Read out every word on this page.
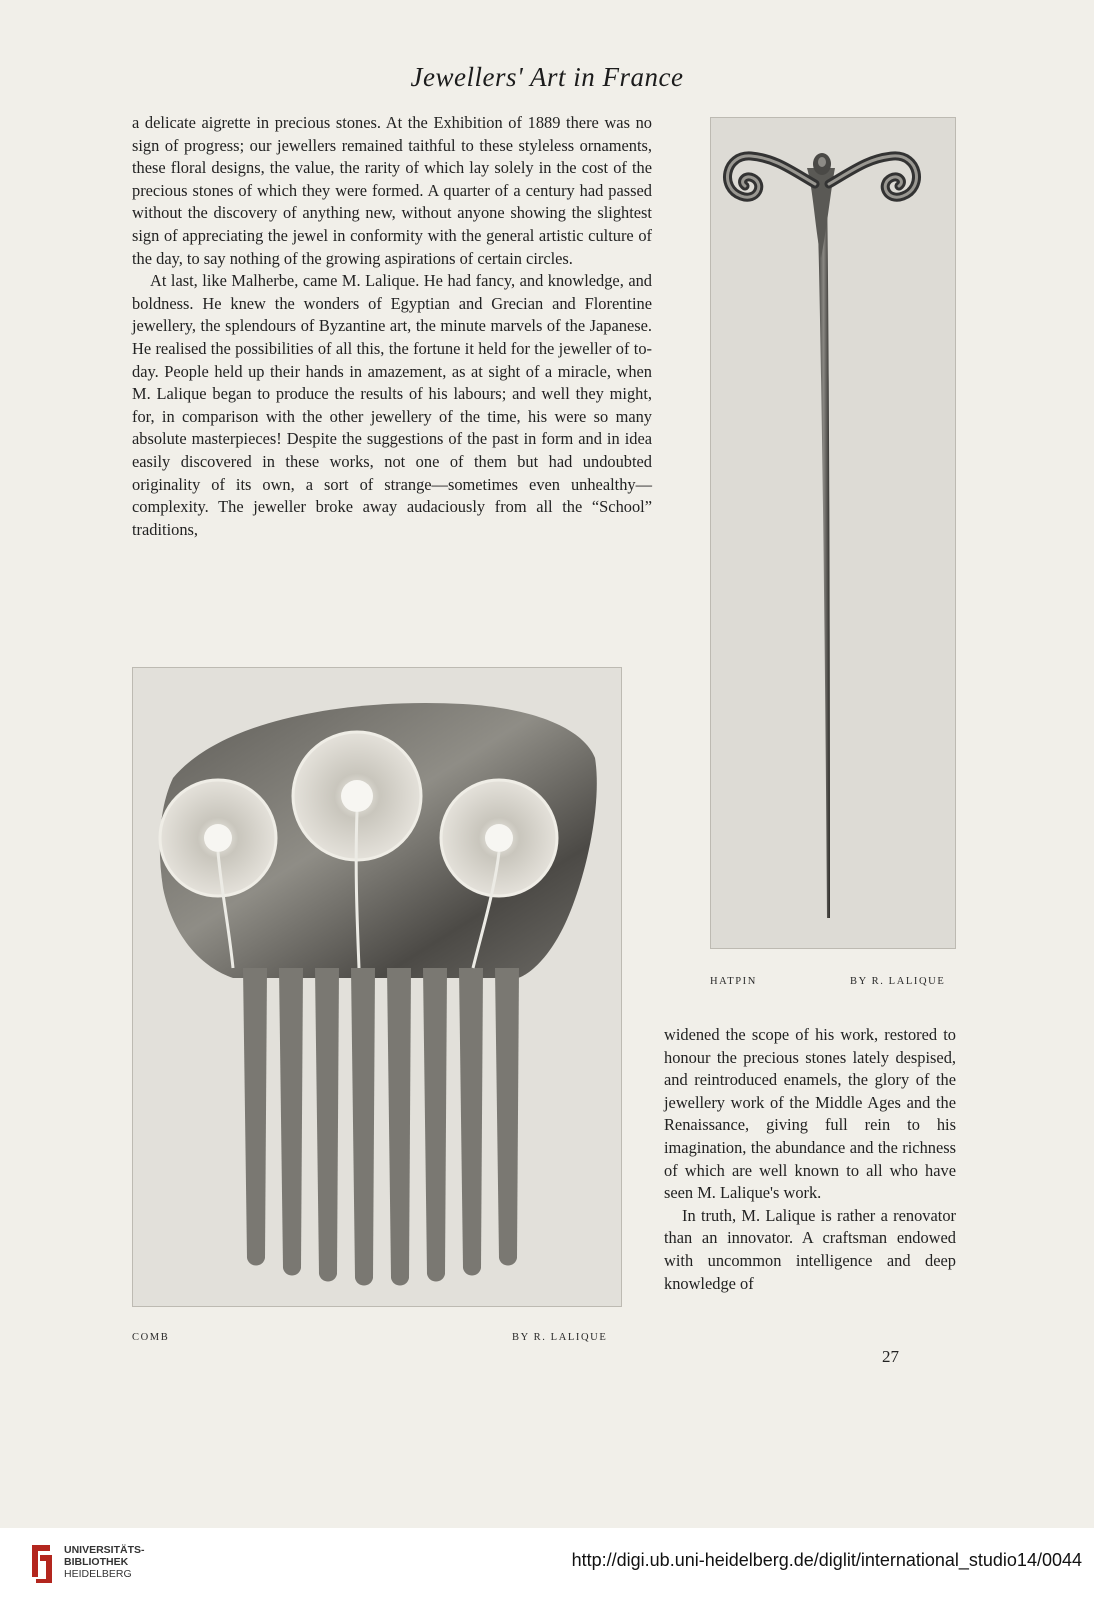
Jewellers' Art in France

a delicate aigrette in precious stones. At the Exhibition of 1889 there was no sign of progress; our jewellers remained taithful to these styleless ornaments, these floral designs, the value, the rarity of which lay solely in the cost of the precious stones of which they were formed. A quarter of a century had passed without the discovery of anything new, without anyone showing the slightest sign of appreciating the jewel in conformity with the general artistic culture of the day, to say nothing of the growing aspirations of certain circles.

At last, like Malherbe, came M. Lalique. He had fancy, and knowledge, and boldness. He knew the wonders of Egyptian and Grecian and Florentine jewellery, the splendours of Byzantine art, the minute marvels of the Japanese. He realised the possibilities of all this, the fortune it held for the jeweller of to-day. People held up their hands in amazement, as at sight of a miracle, when M. Lalique began to produce the results of his labours; and well they might, for, in comparison with the other jewellery of the time, his were so many absolute masterpieces! Despite the suggestions of the past in form and in idea easily discovered in these works, not one of them but had undoubted originality of its own, a sort of strange—sometimes even unhealthy—complexity. The jeweller broke away audaciously from all the “School” traditions,

HATPIN	BY R. LALIQUE
COMB	BY R. LALIQUE

widened the scope of his work, restored to honour the precious stones lately despised, and reintroduced enamels, the glory of the jewellery work of the Middle Ages and the Renaissance, giving full rein to his imagination, the abundance and the richness of which are well known to all who have seen M. Lalique's work.

In truth, M. Lalique is rather a renovator than an innovator. A craftsman endowed with uncommon intelligence and deep knowledge of

27
UNIVERSITÄTS-
BIBLIOTHEK
HEIDELBERG
http://digi.ub.uni-heidelberg.de/diglit/international_studio14/0044
